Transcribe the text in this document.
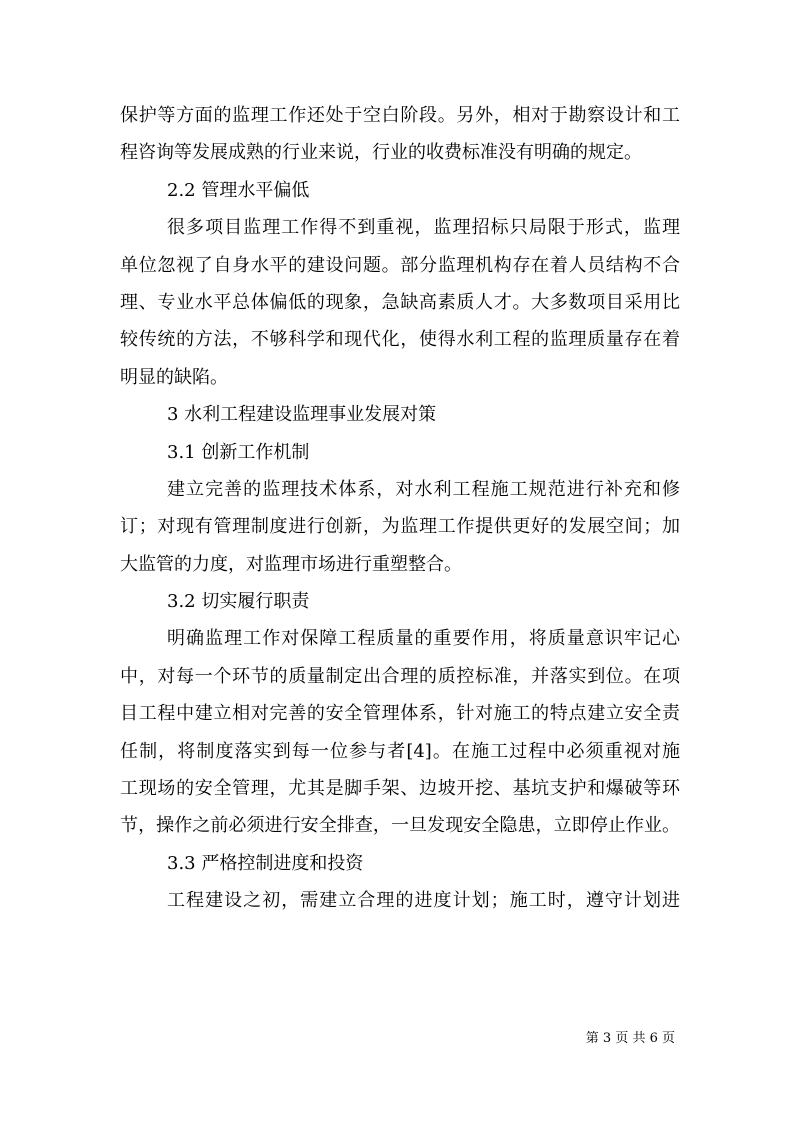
保护等方面的监理工作还处于空白阶段。另外，相对于勘察设计和工
程咨询等发展成熟的行业来说，行业的收费标准没有明确的规定。
2.2 管理水平偏低
很多项目监理工作得不到重视，监理招标只局限于形式，监理
单位忽视了自身水平的建设问题。部分监理机构存在着人员结构不合
理、专业水平总体偏低的现象，急缺高素质人才。大多数项目采用比
较传统的方法，不够科学和现代化，使得水利工程的监理质量存在着
明显的缺陷。
3 水利工程建设监理事业发展对策
3.1 创新工作机制
建立完善的监理技术体系，对水利工程施工规范进行补充和修
订；对现有管理制度进行创新，为监理工作提供更好的发展空间；加
大监管的力度，对监理市场进行重塑整合。
3.2 切实履行职责
明确监理工作对保障工程质量的重要作用，将质量意识牢记心
中，对每一个环节的质量制定出合理的质控标准，并落实到位。在项
目工程中建立相对完善的安全管理体系，针对施工的特点建立安全责
任制，将制度落实到每一位参与者[4]。在施工过程中必须重视对施
工现场的安全管理，尤其是脚手架、边坡开挖、基坑支护和爆破等环
节，操作之前必须进行安全排查，一旦发现安全隐患，立即停止作业。
3.3 严格控制进度和投资
工程建设之初，需建立合理的进度计划；施工时，遵守计划进
第 3 页 共 6 页
